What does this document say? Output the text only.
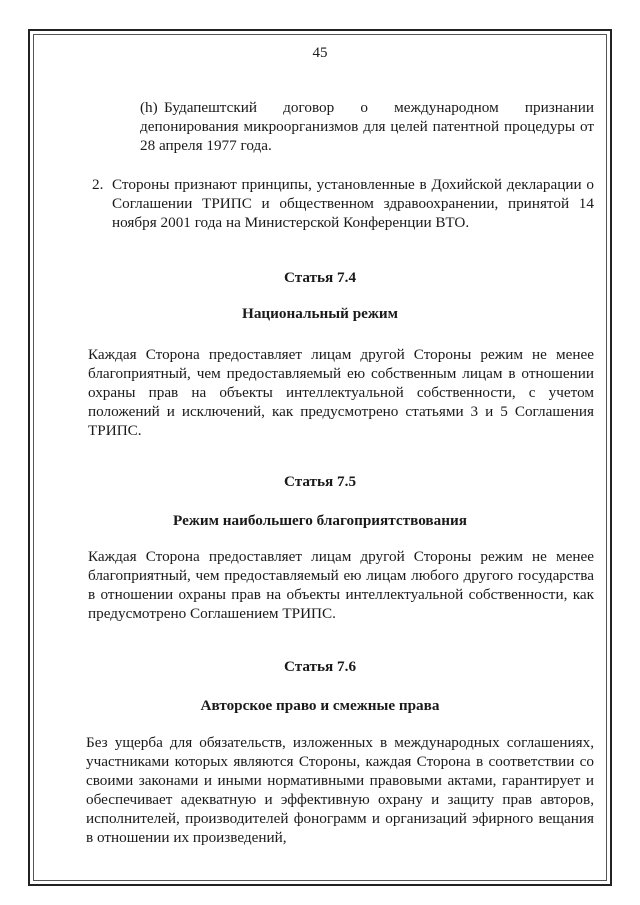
45
(h) Будапештский договор о международном признании депонирования микроорганизмов для целей патентной процедуры от 28 апреля 1977 года.
2. Стороны признают принципы, установленные в Дохийской декларации о Соглашении ТРИПС и общественном здравоохранении, принятой 14 ноября 2001 года на Министерской Конференции ВТО.
Статья 7.4
Национальный режим

Каждая Сторона предоставляет лицам другой Стороны режим не менее благоприятный, чем предоставляемый ею собственным лицам в отношении охраны прав на объекты интеллектуальной собственности, с учетом положений и исключений, как предусмотрено статьями 3 и 5 Соглашения ТРИПС.

Статья 7.5
Режим наибольшего благоприятствования

Каждая Сторона предоставляет лицам другой Стороны режим не менее благоприятный, чем предоставляемый ею лицам любого другого государства в отношении охраны прав на объекты интеллектуальной собственности, как предусмотрено Соглашением ТРИПС.

Статья 7.6
Авторское право и смежные права

Без ущерба для обязательств, изложенных в международных соглашениях, участниками которых являются Стороны, каждая Сторона в соответствии со своими законами и иными нормативными правовыми актами, гарантирует и обеспечивает адекватную и эффективную охрану и защиту прав авторов, исполнителей, производителей фонограмм и организаций эфирного вещания в отношении их произведений,
